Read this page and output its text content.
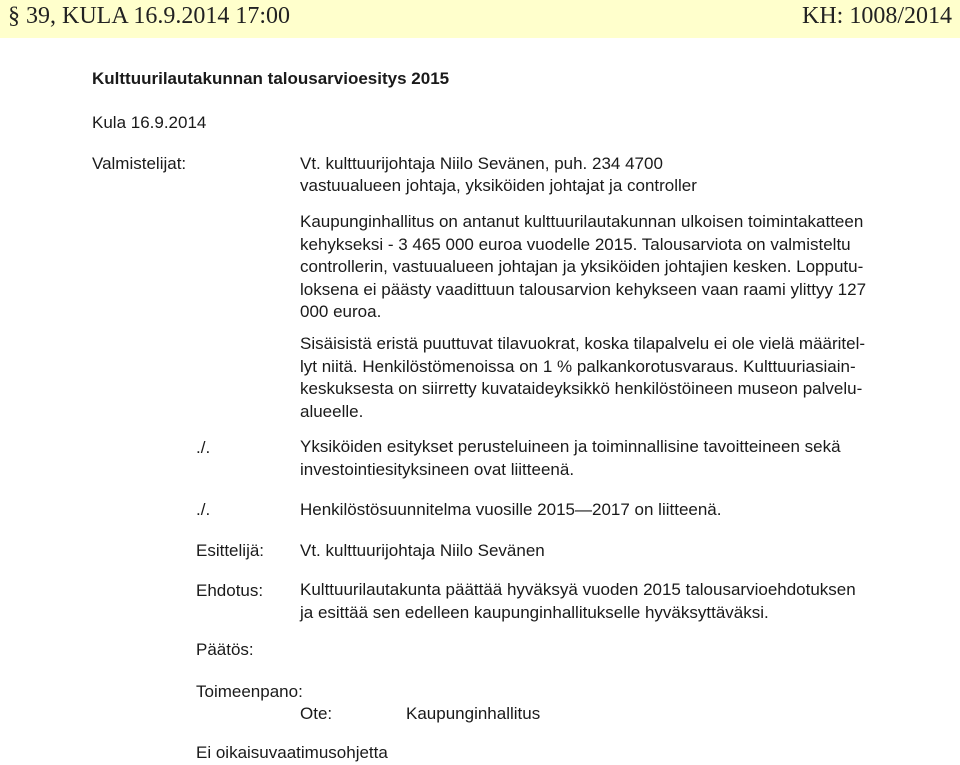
§ 39, KULA 16.9.2014 17:00	KH: 1008/2014
Kulttuurilautakunnan talousarvioesitys 2015
Kula 16.9.2014
Valmistelijat:	Vt. kulttuurijohtaja Niilo Sevänen, puh. 234 4700
vastuualueen johtaja, yksiköiden johtajat ja controller
Kaupunginhallitus on antanut kulttuurilautakunnan ulkoisen toimintakatteen
kehykseksi - 3 465 000 euroa vuodelle 2015. Talousarviota on valmisteltu
controllerin, vastuualueen johtajan ja yksiköiden johtajien kesken. Lopputu-
loksena ei päästy vaadittuun talousarvion kehykseen vaan raami ylittyy 127
000 euroa.
Sisäisistä eristä puuttuvat tilavuokrat, koska tilapalvelu ei ole vielä määritel-
lyt niitä. Henkilöstömenoissa on 1 % palkankorotusvaraus. Kulttuuriasiain-
keskuksesta on siirretty kuvataideyksikkö henkilöstöineen museon palvelu-
alueelle.
./.	Yksiköiden esitykset perusteluineen ja toiminnallisine tavoitteineen sekä
investointiesityksineen ovat liitteenä.
./.	Henkilöstösuunnitelma vuosille 2015—2017 on liitteenä.
Esittelijä: Vt. kulttuurijohtaja Niilo Sevänen
Ehdotus: Kulttuurilautakunta päättää hyväksyä vuoden 2015 talousarvioehdotuksen
ja esittää sen edelleen kaupunginhallitukselle hyväksyttäväksi.
Päätös:
Toimeenpano:
Ote:	Kaupunginhallitus
Ei oikaisuvaatimusohjetta
